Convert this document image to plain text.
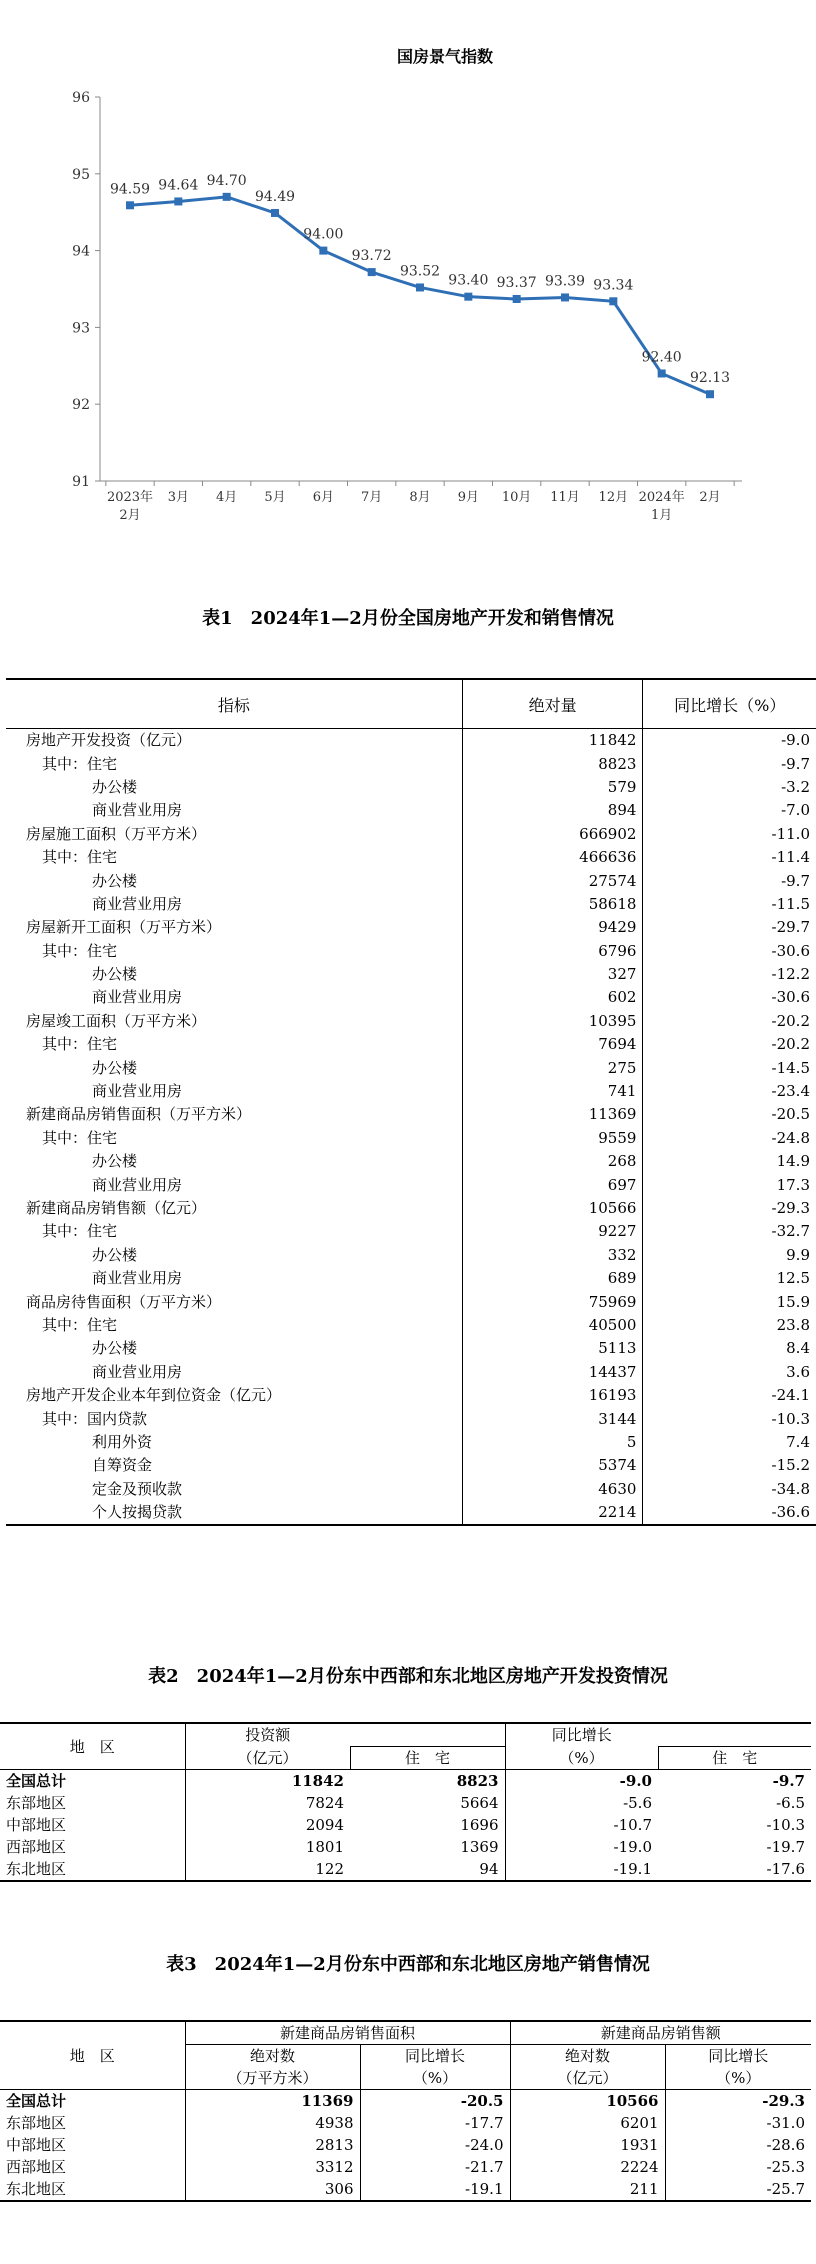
国房景气指数
91
92
93
94
95
96
2023年
2月
3月 4月 5月 6月 7月 8月 9月 10月 11月 12月 2024年
1月
2月
94.59 94.64 94.70
94.49
94.00
93.72
93.52
93.40 93.37 93.39 93.34
92.40
92.13
表1　2024年1—2月份全国房地产开发和销售情况
指标	绝对量	同比增长（%）
房地产开发投资（亿元）	11842	-9.0
其中：住宅	8823	-9.7
办公楼	579	-3.2
商业营业用房	894	-7.0
房屋施工面积（万平方米）	666902	-11.0
其中：住宅	466636	-11.4
办公楼	27574	-9.7
商业营业用房	58618	-11.5
房屋新开工面积（万平方米）	9429	-29.7
其中：住宅	6796	-30.6
办公楼	327	-12.2
商业营业用房	602	-30.6
房屋竣工面积（万平方米）	10395	-20.2
其中：住宅	7694	-20.2
办公楼	275	-14.5
商业营业用房	741	-23.4
新建商品房销售面积（万平方米）	11369	-20.5
其中：住宅	9559	-24.8
办公楼	268	14.9
商业营业用房	697	17.3
新建商品房销售额（亿元）	10566	-29.3
其中：住宅	9227	-32.7
办公楼	332	9.9
商业营业用房	689	12.5
商品房待售面积（万平方米）	75969	15.9
其中：住宅	40500	23.8
办公楼	5113	8.4
商业营业用房	14437	3.6
房地产开发企业本年到位资金（亿元）	16193	-24.1
其中：国内贷款	3144	-10.3
利用外资	5	7.4
自筹资金	5374	-15.2
定金及预收款	4630	-34.8
个人按揭贷款	2214	-36.6
表2　2024年1—2月份东中西部和东北地区房地产开发投资情况
地　区	投资额		同比增长	
	（亿元）	住　宅	（%）	住　宅
全国总计	11842	8823	-9.0	-9.7
东部地区	7824	5664	-5.6	-6.5
中部地区	2094	1696	-10.7	-10.3
西部地区	1801	1369	-19.0	-19.7
东北地区	122	94	-19.1	-17.6
表3　2024年1—2月份东中西部和东北地区房地产销售情况
地　区	新建商品房销售面积		新建商品房销售额	
	绝对数	同比增长	绝对数	同比增长
	（万平方米）	（%）	（亿元）	（%）
全国总计	11369	-20.5	10566	-29.3
东部地区	4938	-17.7	6201	-31.0
中部地区	2813	-24.0	1931	-28.6
西部地区	3312	-21.7	2224	-25.3
东北地区	306	-19.1	211	-25.7
